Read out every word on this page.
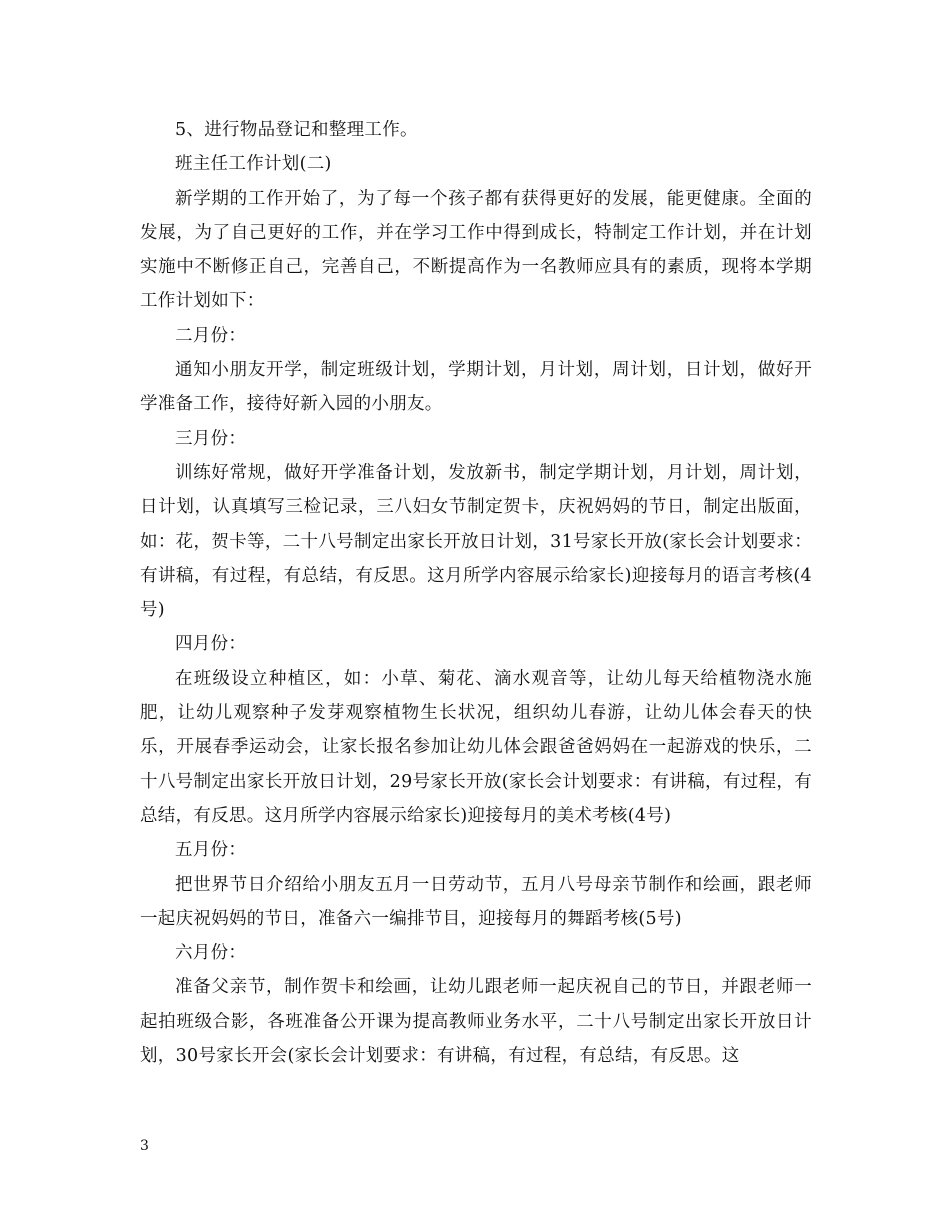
5、进行物品登记和整理工作。

班主任工作计划(二)

新学期的工作开始了，为了每一个孩子都有获得更好的发展，能更健康。全面的发展，为了自己更好的工作，并在学习工作中得到成长，特制定工作计划，并在计划实施中不断修正自己，完善自己，不断提高作为一名教师应具有的素质，现将本学期工作计划如下：

二月份：

通知小朋友开学，制定班级计划，学期计划，月计划，周计划，日计划，做好开学准备工作，接待好新入园的小朋友。

三月份：

训练好常规，做好开学准备计划，发放新书，制定学期计划，月计划，周计划，日计划，认真填写三检记录，三八妇女节制定贺卡，庆祝妈妈的节日，制定出版面，如：花，贺卡等，二十八号制定出家长开放日计划，31号家长开放(家长会计划要求：有讲稿，有过程，有总结，有反思。这月所学内容展示给家长)迎接每月的语言考核(4号)

四月份：

在班级设立种植区，如：小草、菊花、滴水观音等，让幼儿每天给植物浇水施肥，让幼儿观察种子发芽观察植物生长状况，组织幼儿春游，让幼儿体会春天的快乐，开展春季运动会，让家长报名参加让幼儿体会跟爸爸妈妈在一起游戏的快乐，二十八号制定出家长开放日计划，29号家长开放(家长会计划要求：有讲稿，有过程，有总结，有反思。这月所学内容展示给家长)迎接每月的美术考核(4号)

五月份：

把世界节日介绍给小朋友五月一日劳动节，五月八号母亲节制作和绘画，跟老师一起庆祝妈妈的节日，准备六一编排节目，迎接每月的舞蹈考核(5号)

六月份：

准备父亲节，制作贺卡和绘画，让幼儿跟老师一起庆祝自己的节日，并跟老师一起拍班级合影，各班准备公开课为提高教师业务水平，二十八号制定出家长开放日计划，30号家长开会(家长会计划要求：有讲稿，有过程，有总结，有反思。这

3
